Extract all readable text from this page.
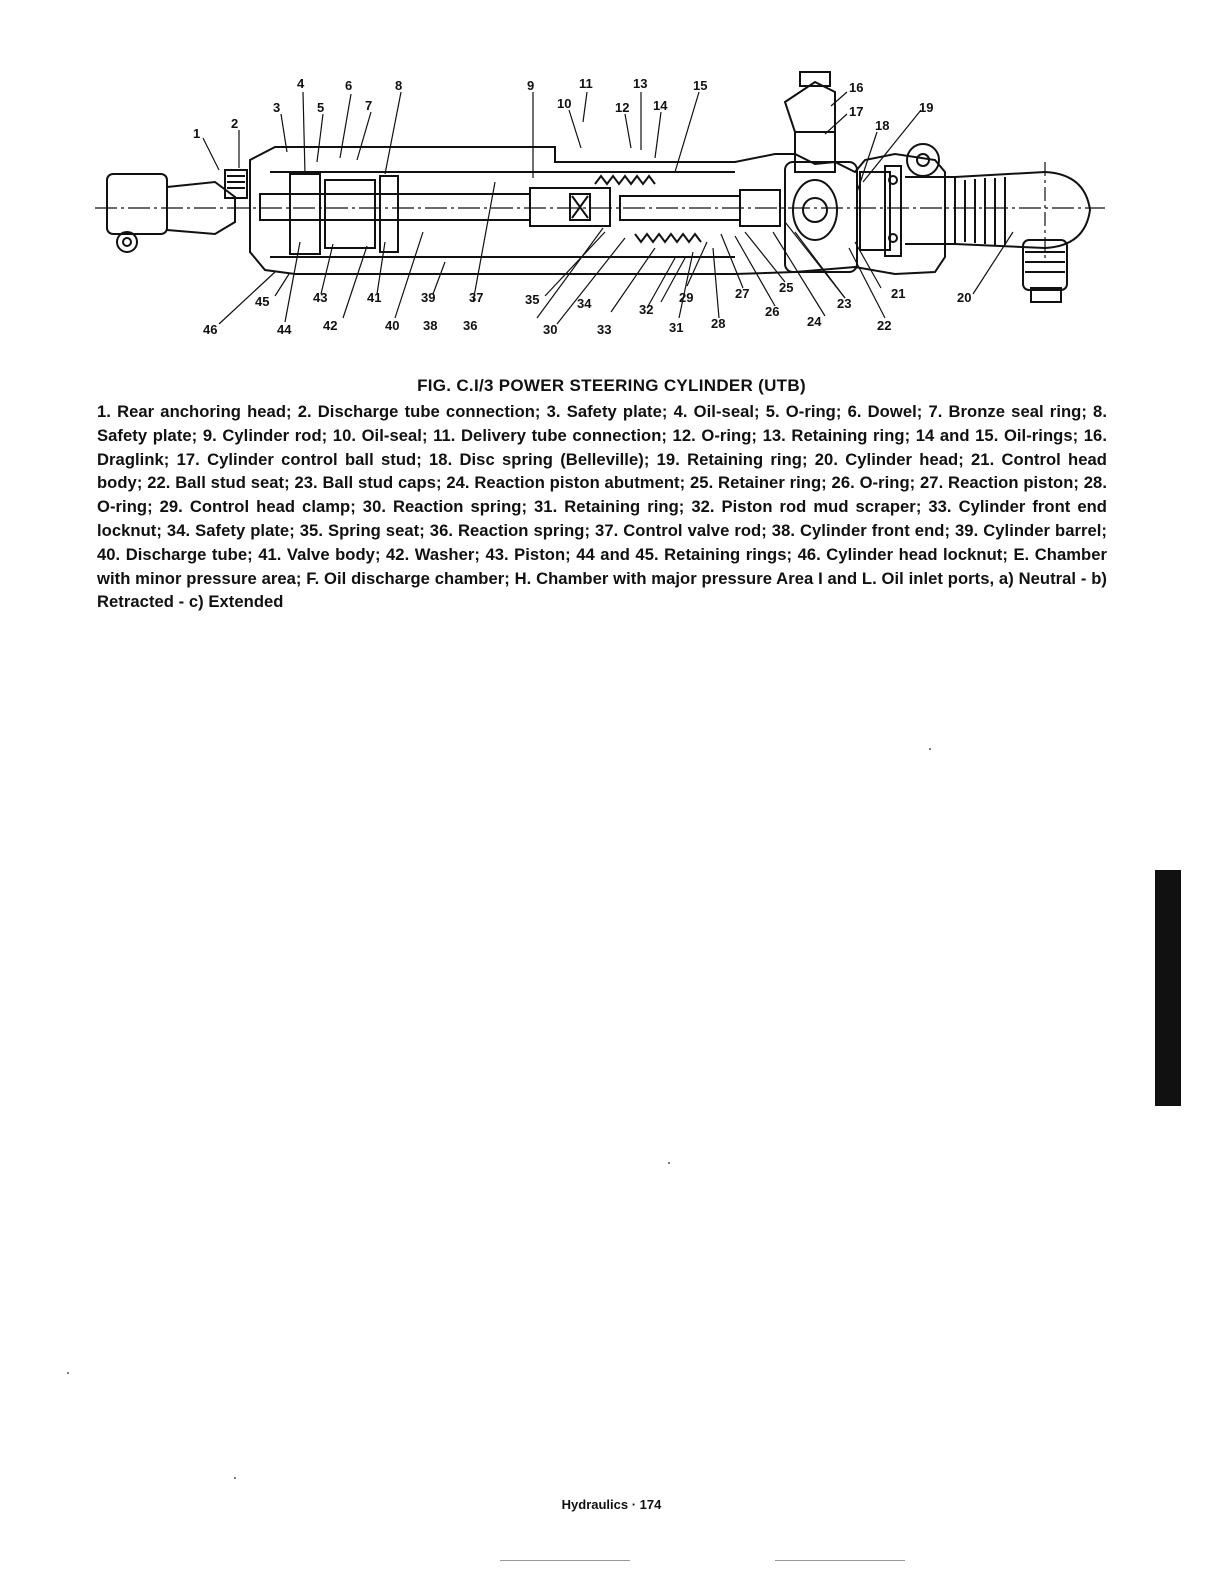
1
2
3
4
5
6
7
8	9
10
11
12
13
14
15	16
17
18
19
20
21
22
23
24
25
26
27
28
29
30	31
32
33
34
35
36
37
38
39
40
41
42
43
44
45
46
FIG. C.I/3 POWER STEERING CYLINDER (UTB)
1. Rear anchoring head; 2. Discharge tube connection; 3. Safety plate; 4. Oil-seal; 5. O-ring; 6. Dowel; 7. Bronze seal ring; 8. Safety plate; 9. Cylinder rod; 10. Oil-seal; 11. Delivery tube connection; 12. O-ring; 13. Retaining ring; 14 and 15. Oil-rings; 16. Draglink; 17. Cylinder control ball stud; 18. Disc spring (Belleville); 19. Retaining ring; 20. Cylinder head; 21. Control head body; 22. Ball stud seat; 23. Ball stud caps; 24. Reaction piston abutment; 25. Retainer ring; 26. O-ring; 27. Reaction piston; 28. O-ring; 29. Control head clamp; 30. Reaction spring; 31. Retaining ring; 32. Piston rod mud scraper; 33. Cylinder front end locknut; 34. Safety plate; 35. Spring seat; 36. Reaction spring; 37. Control valve rod; 38. Cylinder front end; 39. Cylinder barrel; 40. Discharge tube; 41. Valve body; 42. Washer; 43. Piston; 44 and 45. Retaining rings; 46. Cylinder head locknut; E. Chamber with minor pressure area; F. Oil discharge chamber; H. Chamber with major pressure Area I and L. Oil inlet ports, a) Neutral - b) Retracted - c) Extended
Hydraulics · 174
